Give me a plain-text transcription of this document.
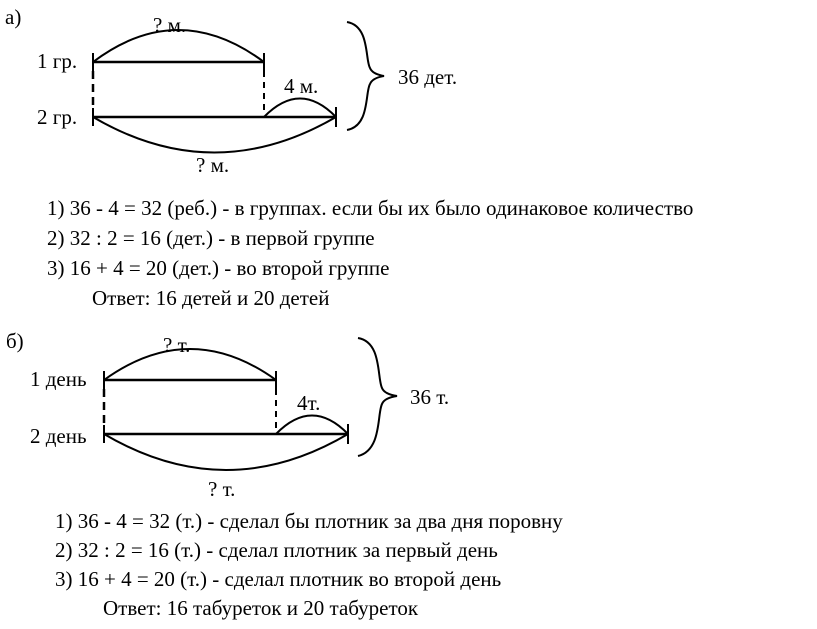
а)
1 гр.
2 гр.
? м.
4 м.
? м.
36 дет.
б)
1 день
2 день
? т.
4т.
? т.
36 т.
1) 36 - 4 = 32 (реб.) - в группах. если бы их было одинаковое количество
2) 32 : 2 = 16 (дет.) - в первой группе
3) 16 + 4 = 20 (дет.) - во второй группе
Ответ: 16 детей и 20 детей
1) 36 - 4 = 32 (т.) - сделал бы плотник за два дня поровну
2) 32 : 2 = 16 (т.) - сделал плотник за первый день
3) 16 + 4 = 20 (т.) - сделал плотник во второй день
Ответ: 16 табуреток и 20 табуреток
